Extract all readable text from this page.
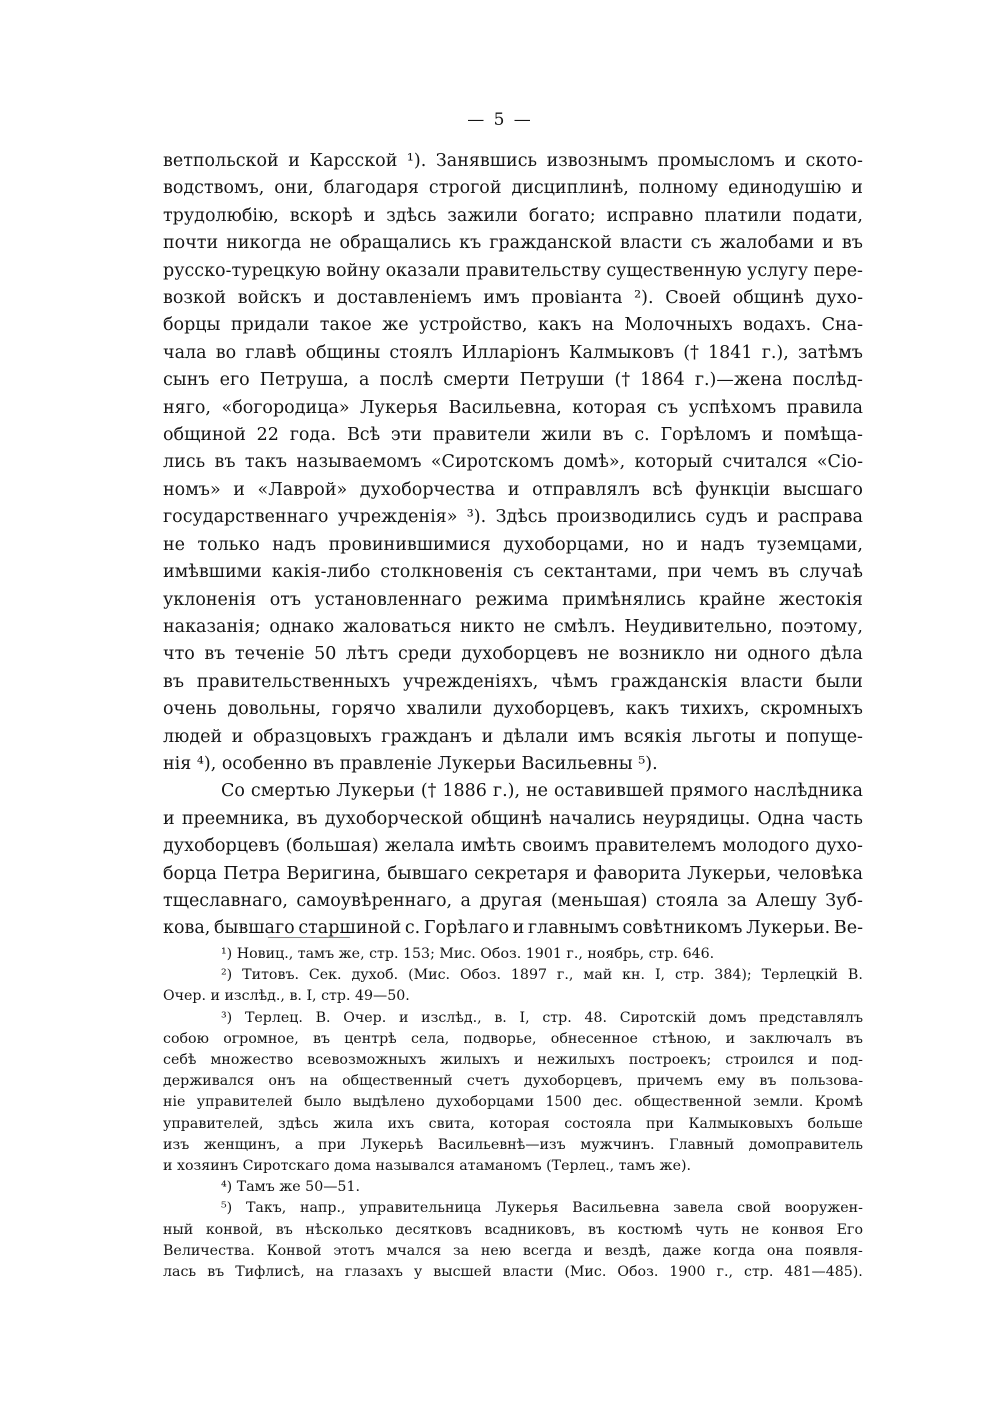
— 5 —
ветпольской и Карсской ¹). Занявшись извознымъ промысломъ и ското-
водствомъ, они, благодаря строгой дисциплинѣ, полному единодушію и
трудолюбію, вскорѣ и здѣсь зажили богато; исправно платили подати,
почти никогда не обращались къ гражданской власти съ жалобами и въ
русско-турецкую войну оказали правительству существенную услугу пере-
возкой войскъ и доставленіемъ имъ провіанта ²). Своей общинѣ духо-
борцы придали такое же устройство, какъ на Молочныхъ водахъ. Сна-
чала во главѣ общины стоялъ Илларіонъ Калмыковъ († 1841 г.), затѣмъ
сынъ его Петруша, а послѣ смерти Петруши († 1864 г.)—жена послѣд-
няго, «богородица» Лукерья Васильевна, которая съ успѣхомъ правила
общиной 22 года. Всѣ эти правители жили въ с. Горѣломъ и помѣща-
лись въ такъ называемомъ «Сиротскомъ домѣ», который считался «Сіо-
номъ» и «Лаврой» духоборчества и отправлялъ всѣ функціи высшаго
государственнаго учрежденія» ³). Здѣсь производились судъ и расправа
не только надъ провинившимися духоборцами, но и надъ туземцами,
имѣвшими какія-либо столкновенія съ сектантами, при чемъ въ случаѣ
уклоненія отъ установленнаго режима примѣнялись крайне жестокія
наказанія; однако жаловаться никто не смѣлъ. Неудивительно, поэтому,
что въ теченіе 50 лѣтъ среди духоборцевъ не возникло ни одного дѣла
въ правительственныхъ учрежденіяхъ, чѣмъ гражданскія власти были
очень довольны, горячо хвалили духоборцевъ, какъ тихихъ, скромныхъ
людей и образцовыхъ гражданъ и дѣлали имъ всякія льготы и попуще-
нія ⁴), особенно въ правленіе Лукерьи Васильевны ⁵).
Со смертью Лукерьи († 1886 г.), не оставившей прямого наслѣдника
и преемника, въ духоборческой общинѣ начались неурядицы. Одна часть
духоборцевъ (большая) желала имѣть своимъ правителемъ молодого духо-
борца Петра Веригина, бывшаго секретаря и фаворита Лукерьи, человѣка
тщеславнаго, самоувѣреннаго, а другая (меньшая) стояла за Алешу Зуб-
кова, бывшаго старшиной с. Горѣлаго и главнымъ совѣтникомъ Лукерьи. Ве-
¹) Новиц., тамъ же, стр. 153; Мис. Обоз. 1901 г., ноябрь, стр. 646.
²) Титовъ. Сек. духоб. (Мис. Обоз. 1897 г., май кн. I, стр. 384); Терлецкій В.
Очер. и изслѣд., в. I, стр. 49—50.
³) Терлец. В. Очер. и изслѣд., в. I, стр. 48. Сиротскій домъ представлялъ
собою огромное, въ центрѣ села, подворье, обнесенное стѣною, и заключалъ въ
себѣ множество всевозможныхъ жилыхъ и нежилыхъ построекъ; строился и под-
держивался онъ на общественный счетъ духоборцевъ, причемъ ему въ пользова-
ніе управителей было выдѣлено духоборцами 1500 дес. общественной земли. Кромѣ
управителей, здѣсь жила ихъ свита, которая состояла при Калмыковыхъ больше
изъ женщинъ, а при Лукерьѣ Васильевнѣ—изъ мужчинъ. Главный домоправитель
и хозяинъ Сиротскаго дома назывался атаманомъ (Терлец., тамъ же).
⁴) Тамъ же 50—51.
⁵) Такъ, напр., управительница Лукерья Васильевна завела свой вооружен-
ный конвой, въ нѣсколько десятковъ всадниковъ, въ костюмѣ чуть не конвоя Его
Величества. Конвой этотъ мчался за нею всегда и вездѣ, даже когда она появля-
лась въ Тифлисѣ, на глазахъ у высшей власти (Мис. Обоз. 1900 г., стр. 481—485).
